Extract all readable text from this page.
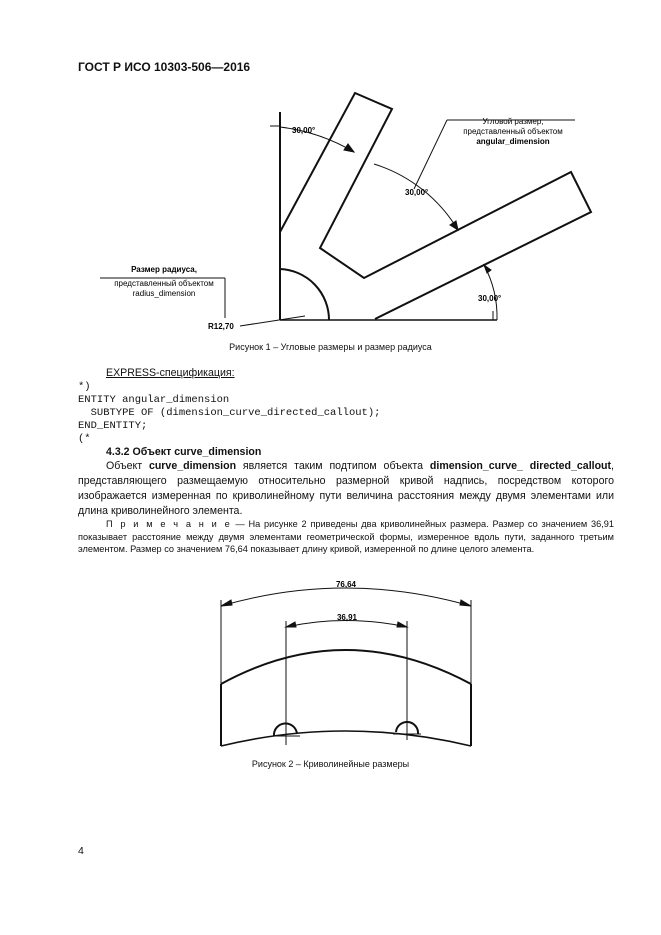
ГОСТ Р ИСО 10303-506—2016
30,00°
30,00°
30,00°
R12,70
Угловой размер,
представленный объектом
angular_dimension
Размер радиуса,
представленный объектом
radius_dimension
Рисунок 1 – Угловые размеры и размер радиуса
EXPRESS-спецификация:
*)
ENTITY angular_dimension
SUBTYPE OF (dimension_curve_directed_callout);
END_ENTITY;
(*
4.3.2 Объект curve_dimension
Объект curve_dimension является таким подтипом объекта dimension_curve_ directed_callout, представляющего размещаемую относительно размерной кривой надпись, посредством которого изображается измеренная по криволинейному пути величина расстояния между двумя элементами или длина криволинейного элемента.
П р и м е ч а н и е — На рисунке 2 приведены два криволинейных размера. Размер со значением 36,91 показывает расстояние между двумя элементами геометрической формы, измеренное вдоль пути, заданного третьим элементом. Размер со значением 76,64 показывает длину кривой, измеренной по длине целого элемента.
76,64
36,91
Рисунок 2 – Криволинейные размеры
4
